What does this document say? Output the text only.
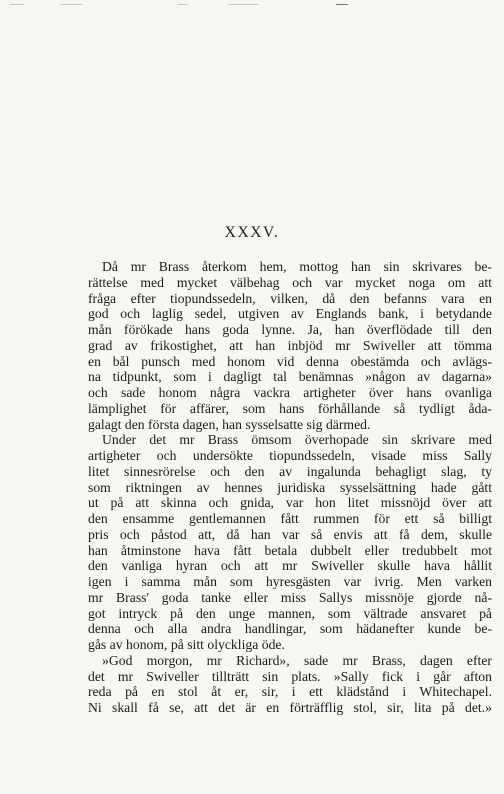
XXXV.
Då mr Brass återkom hem, mottog han sin skrivares be-
rättelse med mycket välbehag och var mycket noga om att
fråga efter tiopundssedeln, vilken, då den befanns vara en
god och laglig sedel, utgiven av Englands bank, i betydande
mån förökade hans goda lynne. Ja, han överflödade till den
grad av frikostighet, att han inbjöd mr Swiveller att tömma
en bål punsch med honom vid denna obestämda och avlägs-
na tidpunkt, som i dagligt tal benämnas »någon av dagarna»
och sade honom några vackra artigheter över hans ovanliga
lämplighet för affärer, som hans förhållande så tydligt åda-
galagt den första dagen, han sysselsatte sig därmed.
Under det mr Brass ömsom överhopade sin skrivare med
artigheter och undersökte tiopundssedeln, visade miss Sally
litet sinnesrörelse och den av ingalunda behagligt slag, ty
som riktningen av hennes juridiska sysselsättning hade gått
ut på att skinna och gnida, var hon litet missnöjd över att
den ensamme gentlemannen fått rummen för ett så billigt
pris och påstod att, då han var så envis att få dem, skulle
han åtminstone hava fått betala dubbelt eller tredubbelt mot
den vanliga hyran och att mr Swiveller skulle hava hållit
igen i samma mån som hyresgästen var ivrig. Men varken
mr Brass' goda tanke eller miss Sallys missnöje gjorde nå-
got intryck på den unge mannen, som vältrade ansvaret på
denna och alla andra handlingar, som hädanefter kunde be-
gås av honom, på sitt olyckliga öde.
»God morgon, mr Richard», sade mr Brass, dagen efter
det mr Swiveller tillträtt sin plats. »Sally fick i går afton
reda på en stol åt er, sir, i ett klädstånd i Whitechapel.
Ni skall få se, att det är en förträfflig stol, sir, lita på det.»
